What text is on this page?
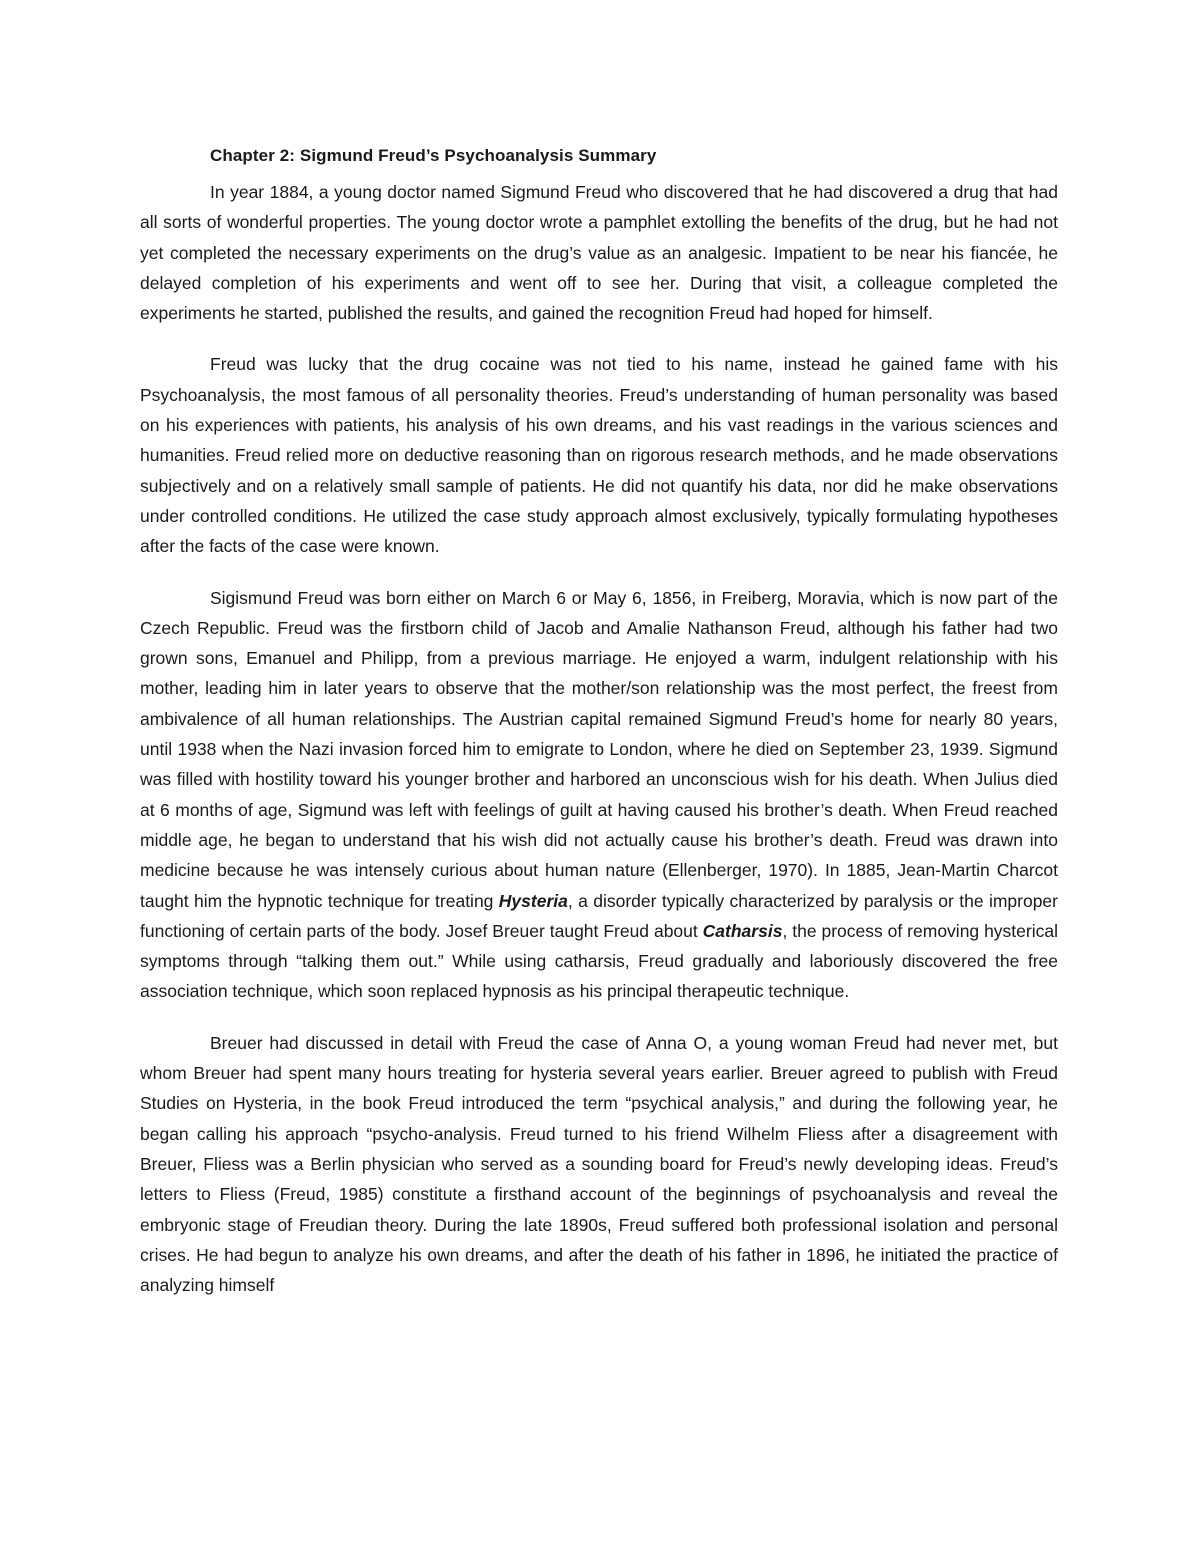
Chapter 2: Sigmund Freud’s Psychoanalysis Summary

In year 1884, a young doctor named Sigmund Freud who discovered that he had discovered a drug that had all sorts of wonderful properties. The young doctor wrote a pamphlet extolling the benefits of the drug, but he had not yet completed the necessary experiments on the drug’s value as an analgesic. Impatient to be near his fiancée, he delayed completion of his experiments and went off to see her. During that visit, a colleague completed the experiments he started, published the results, and gained the recognition Freud had hoped for himself.

Freud was lucky that the drug cocaine was not tied to his name, instead he gained fame with his Psychoanalysis, the most famous of all personality theories. Freud’s understanding of human personality was based on his experiences with patients, his analysis of his own dreams, and his vast readings in the various sciences and humanities. Freud relied more on deductive reasoning than on rigorous research methods, and he made observations subjectively and on a relatively small sample of patients. He did not quantify his data, nor did he make observations under controlled conditions. He utilized the case study approach almost exclusively, typically formulating hypotheses after the facts of the case were known.

Sigismund Freud was born either on March 6 or May 6, 1856, in Freiberg, Moravia, which is now part of the Czech Republic. Freud was the firstborn child of Jacob and Amalie Nathanson Freud, although his father had two grown sons, Emanuel and Philipp, from a previous marriage. He enjoyed a warm, indulgent relationship with his mother, leading him in later years to observe that the mother/son relationship was the most perfect, the freest from ambivalence of all human relationships. The Austrian capital remained Sigmund Freud’s home for nearly 80 years, until 1938 when the Nazi invasion forced him to emigrate to London, where he died on September 23, 1939. Sigmund was filled with hostility toward his younger brother and harbored an unconscious wish for his death. When Julius died at 6 months of age, Sigmund was left with feelings of guilt at having caused his brother’s death. When Freud reached middle age, he began to understand that his wish did not actually cause his brother’s death. Freud was drawn into medicine because he was intensely curious about human nature (Ellenberger, 1970). In 1885, Jean-Martin Charcot taught him the hypnotic technique for treating Hysteria, a disorder typically characterized by paralysis or the improper functioning of certain parts of the body. Josef Breuer taught Freud about Catharsis, the process of removing hysterical symptoms through “talking them out.” While using catharsis, Freud gradually and laboriously discovered the free association technique, which soon replaced hypnosis as his principal therapeutic technique.

Breuer had discussed in detail with Freud the case of Anna O, a young woman Freud had never met, but whom Breuer had spent many hours treating for hysteria several years earlier. Breuer agreed to publish with Freud Studies on Hysteria, in the book Freud introduced the term “psychical analysis,” and during the following year, he began calling his approach “psycho-analysis. Freud turned to his friend Wilhelm Fliess after a disagreement with Breuer, Fliess was a Berlin physician who served as a sounding board for Freud’s newly developing ideas. Freud’s letters to Fliess (Freud, 1985) constitute a firsthand account of the beginnings of psychoanalysis and reveal the embryonic stage of Freudian theory. During the late 1890s, Freud suffered both professional isolation and personal crises. He had begun to analyze his own dreams, and after the death of his father in 1896, he initiated the practice of analyzing himself
